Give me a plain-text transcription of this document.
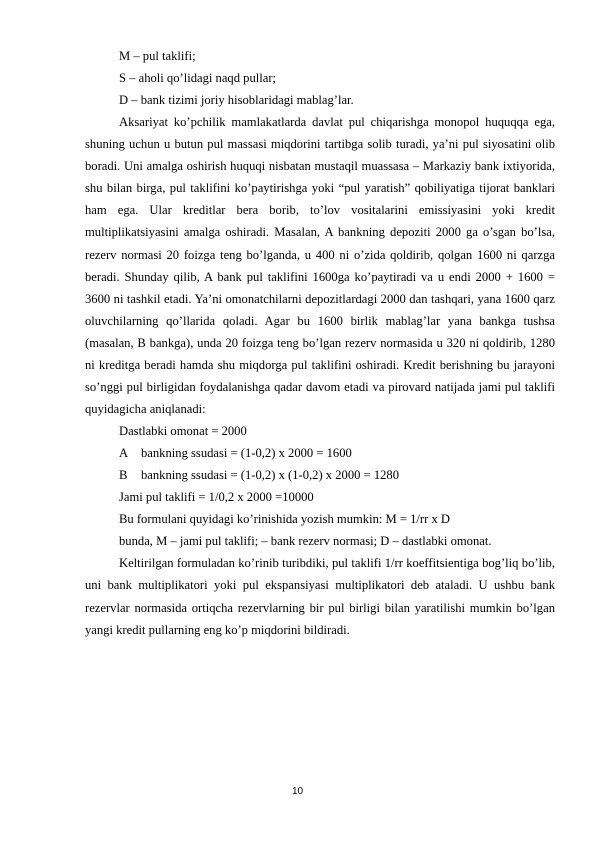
M – pul taklifi;
S – aholi qo’lidagi naqd pullar;
D – bank tizimi joriy hisoblaridagi mablag’lar.
Aksariyat ko’pchilik mamlakatlarda davlat pul chiqarishga monopol huquqqa ega, shuning uchun u butun pul massasi miqdorini tartibga solib turadi, ya’ni pul siyosatini olib boradi. Uni amalga oshirish huquqi nisbatan mustaqil muassasa – Markaziy bank ixtiyorida, shu bilan birga, pul taklifini ko’paytirishga yoki “pul yaratish” qobiliyatiga tijorat banklari ham ega. Ular kreditlar bera borib, to’lov vositalarini emissiyasini yoki kredit multiplikatsiyasini amalga oshiradi. Masalan, A bankning depoziti 2000 ga o’sgan bo’lsa, rezerv normasi 20 foizga teng bo’lganda, u 400 ni o’zida qoldirib, qolgan 1600 ni qarzga beradi. Shunday qilib, A bank pul taklifini 1600ga ko’paytiradi va u endi 2000 + 1600 = 3600 ni tashkil etadi. Ya’ni omonatchilarni depozitlardagi 2000 dan tashqari, yana 1600 qarz oluvchilarning qo’llarida qoladi. Agar bu 1600 birlik mablag’lar yana bankga tushsa (masalan, B bankga), unda 20 foizga teng bo’lgan rezerv normasida u 320 ni qoldirib, 1280 ni kreditga beradi hamda shu miqdorga pul taklifini oshiradi. Kredit berishning bu jarayoni so’nggi pul birligidan foydalanishga qadar davom etadi va pirovard natijada jami pul taklifi quyidagicha aniqlanadi:
Dastlabki omonat = 2000
A bankning ssudasi = (1-0,2) x 2000 = 1600
B bankning ssudasi = (1-0,2) x (1-0,2) x 2000 = 1280
Jami pul taklifi = 1/0,2 x 2000 =10000
Bu formulani quyidagi ko’rinishida yozish mumkin: M = 1/rr x D
bunda, M – jami pul taklifi; – bank rezerv normasi; D – dastlabki omonat.
Keltirilgan formuladan ko’rinib turibdiki, pul taklifi 1/rr koeffitsientiga bog’liq bo’lib, uni bank multiplikatori yoki pul ekspansiyasi multiplikatori deb ataladi. U ushbu bank rezervlar normasida ortiqcha rezervlarning bir pul birligi bilan yaratilishi mumkin bo’lgan yangi kredit pullarning eng ko’p miqdorini bildiradi.
10
